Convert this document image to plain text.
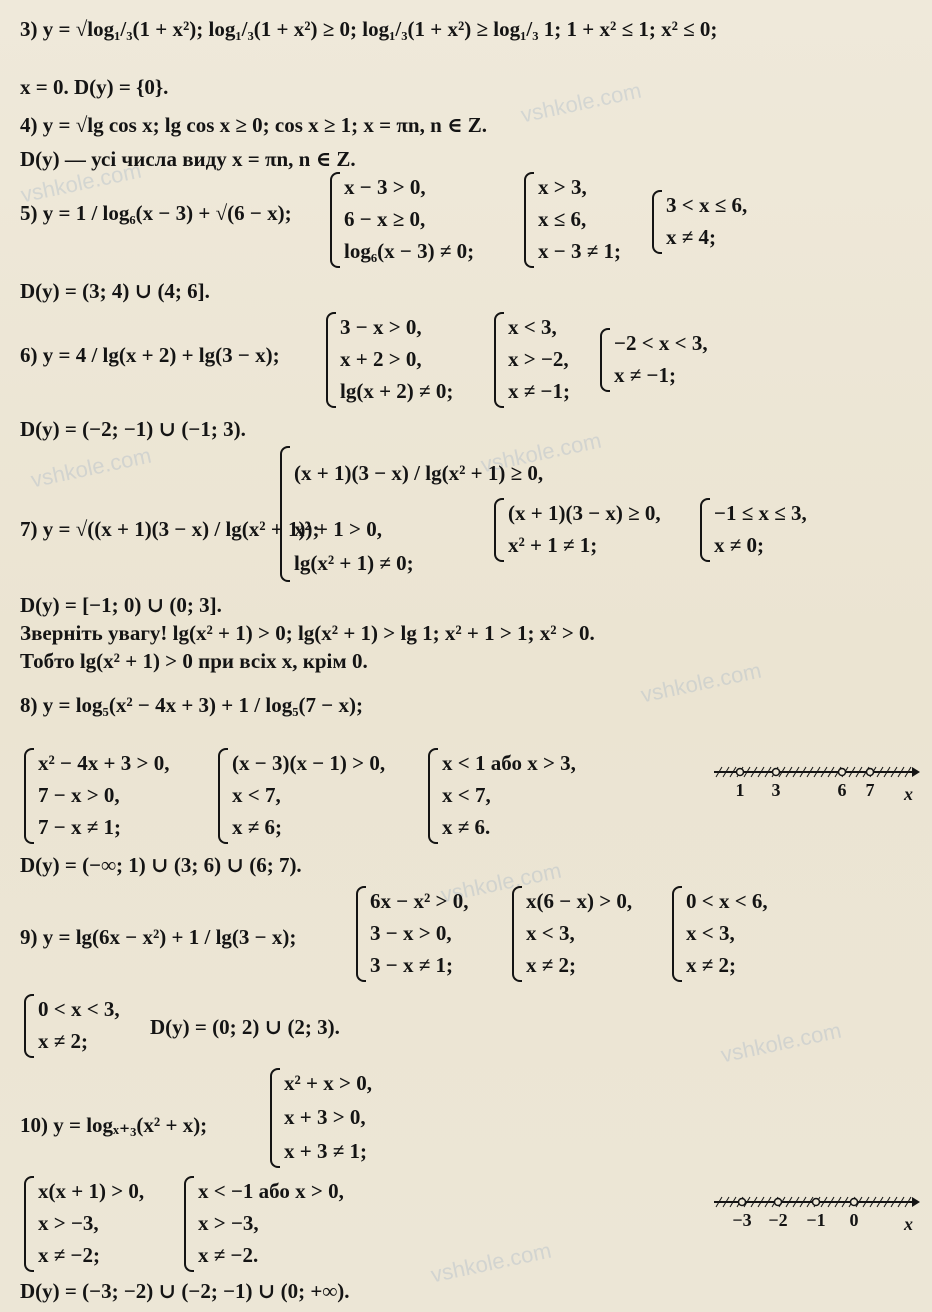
vshkole.com
vshkole.com
vshkole.com
vshkole.com
vshkole.com
vshkole.com
vshkole.com
vshkole.com
3) y = √log₁/₃(1 + x²); log₁/₃(1 + x²) ≥ 0; log₁/₃(1 + x²) ≥ log₁/₃ 1; 1 + x² ≤ 1; x² ≤ 0;
x = 0. D(y) = {0}.
4) y = √lg cos x; lg cos x ≥ 0; cos x ≥ 1; x = πn, n ∈ Z.
D(y) — усі числа виду x = πn, n ∈ Z.
5) y = 1 / log₆(x − 3) + √(6 − x);
x − 3 > 0,
6 − x ≥ 0,
log₆(x − 3) ≠ 0;
x > 3,
x ≤ 6,
x − 3 ≠ 1;
3 < x ≤ 6,
x ≠ 4;
D(y) = (3; 4) ∪ (4; 6].
6) y = 4 / lg(x + 2) + lg(3 − x);
3 − x > 0,
x + 2 > 0,
lg(x + 2) ≠ 0;
x < 3,
x > −2,
x ≠ −1;
−2 < x < 3,
x ≠ −1;
D(y) = (−2; −1) ∪ (−1; 3).
7) y = √((x + 1)(3 − x) / lg(x² + 1));
(x + 1)(3 − x) / lg(x² + 1) ≥ 0,
x² + 1 > 0,
lg(x² + 1) ≠ 0;
(x + 1)(3 − x) ≥ 0,
x² + 1 ≠ 1;
−1 ≤ x ≤ 3,
x ≠ 0;
D(y) = [−1; 0) ∪ (0; 3].
Зверніть увагу! lg(x² + 1) > 0; lg(x² + 1) > lg 1; x² + 1 > 1; x² > 0.
Тобто lg(x² + 1) > 0 при всіх x, крім 0.
8) y = log₅(x² − 4x + 3) + 1 / log₅(7 − x);
x² − 4x + 3 > 0,
7 − x > 0,
7 − x ≠ 1;
(x − 3)(x − 1) > 0,
x < 7,
x ≠ 6;
x < 1 або x > 3,
x < 7,
x ≠ 6.
1 3	6 7 x
D(y) = (−∞; 1) ∪ (3; 6) ∪ (6; 7).
9) y = lg(6x − x²) + 1 / lg(3 − x);
6x − x² > 0,
3 − x > 0,
3 − x ≠ 1;
x(6 − x) > 0,
x < 3,
x ≠ 2;
0 < x < 6,
x < 3,
x ≠ 2;
0 < x < 3,
x ≠ 2;
D(y) = (0; 2) ∪ (2; 3).
10) y = logₓ₊₃(x² + x);
x² + x > 0,
x + 3 > 0,
x + 3 ≠ 1;
x(x + 1) > 0,
x > −3,
x ≠ −2;
x < −1 або x > 0,
x > −3,
x ≠ −2.
−3 −2 −1 0	x
D(y) = (−3; −2) ∪ (−2; −1) ∪ (0; +∞).
